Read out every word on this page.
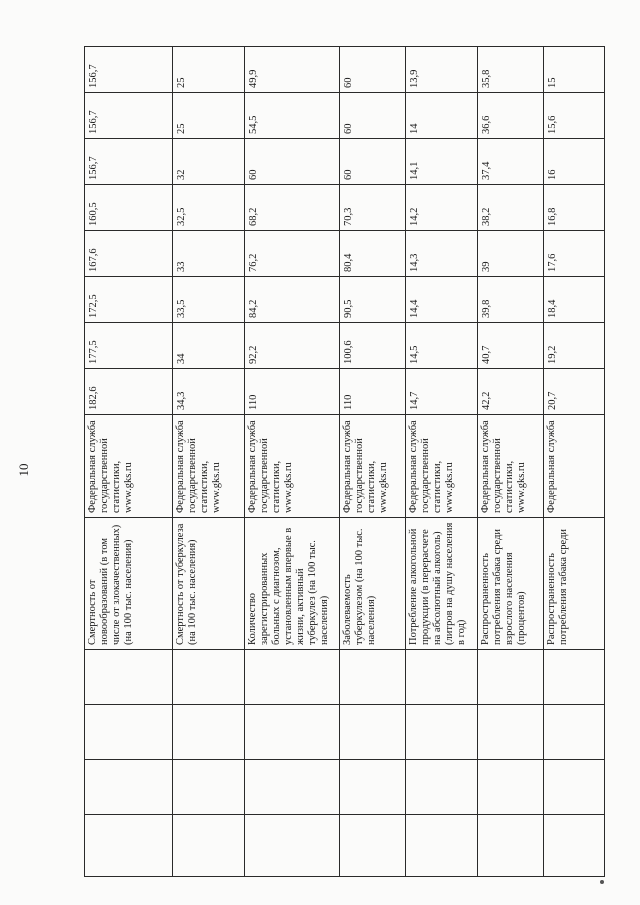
10
				Смертность от новообразований (в том числе от злокачественных) (на 100 тыс. населения)	Федеральная служба государственной статистики, www.gks.ru	182,6	177,5	172,5	167,6	160,5	156,7	156,7	156,7
				Смертность от туберкулеза (на 100 тыс. населения)	Федеральная служба государственной статистики, www.gks.ru	34,3	34	33,5	33	32,5	32	25	25
				Количество зарегистрированных больных с диагнозом, установленным впервые в жизни, активный туберкулез (на 100 тыс. населения)	Федеральная служба государственной статистики, www.gks.ru	110	92,2	84,2	76,2	68,2	60	54,5	49,9
				Заболеваемость туберкулезом (на 100 тыс. населения)	Федеральная служба государственной статистики, www.gks.ru	110	100,6	90,5	80,4	70,3	60	60	60
				Потребление алкогольной продукции (в перерасчете на абсолютный алкоголь) (литров на душу населения в год)	Федеральная служба государственной статистики, www.gks.ru	14,7	14,5	14,4	14,3	14,2	14,1	14	13,9
				Распространенность потребления табака среди взрослого населения (процентов)	Федеральная служба государственной статистики, www.gks.ru	42,2	40,7	39,8	39	38,2	37,4	36,6	35,8
				Распространенность потребления табака среди	Федеральная служба	20,7	19,2	18,4	17,6	16,8	16	15,6	15
